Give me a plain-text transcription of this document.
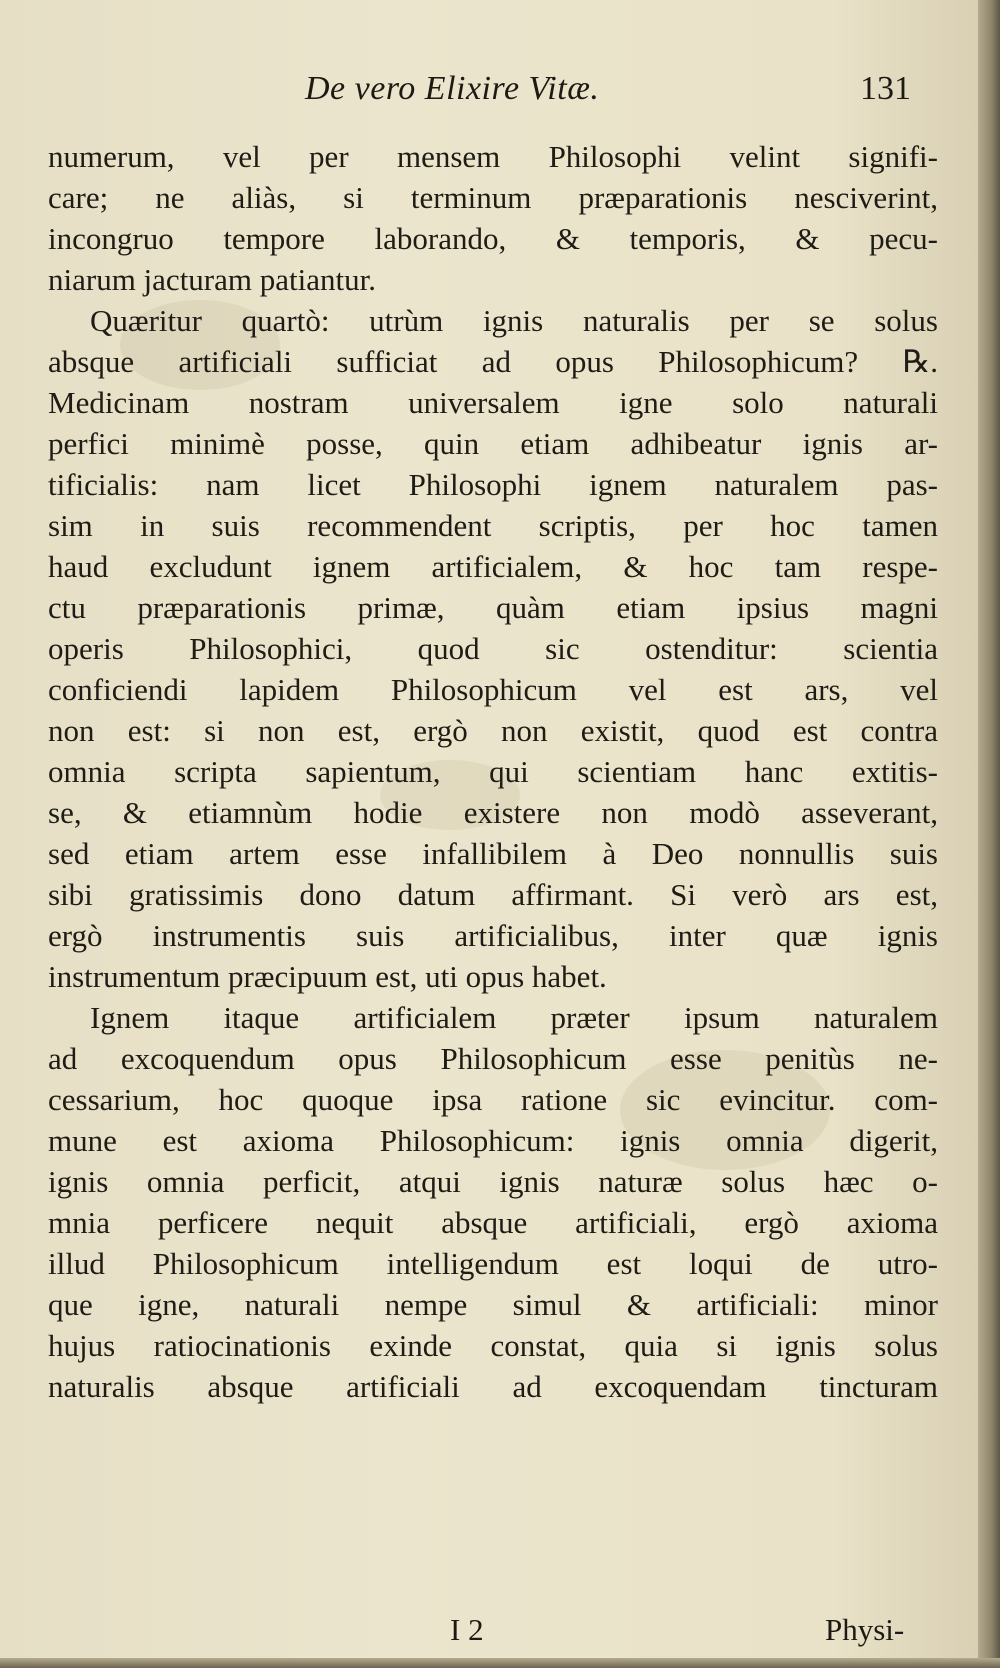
De vero Elixire Vitæ.	131
numerum, vel per mensem Philosophi velint signifi-
care; ne aliàs, si terminum præparationis nesciverint,
incongruo tempore laborando, & temporis, & pecu-
niarum jacturam patiantur.
Quæritur quartò: utrùm ignis naturalis per se solus
absque artificiali sufficiat ad opus Philosophicum? ℞.
Medicinam nostram universalem igne solo naturali
perfici minimè posse, quin etiam adhibeatur ignis ar-
tificialis: nam licet Philosophi ignem naturalem pas-
sim in suis recommendent scriptis, per hoc tamen
haud excludunt ignem artificialem, & hoc tam respe-
ctu præparationis primæ, quàm etiam ipsius magni
operis Philosophici, quod sic ostenditur: scientia
conficiendi lapidem Philosophicum vel est ars, vel
non est: si non est, ergò non existit, quod est contra
omnia scripta sapientum, qui scientiam hanc extitis-
se, & etiamnùm hodie existere non modò asseverant,
sed etiam artem esse infallibilem à Deo nonnullis suis
sibi gratissimis dono datum affirmant. Si verò ars est,
ergò instrumentis suis artificialibus, inter quæ ignis
instrumentum præcipuum est, uti opus habet.
Ignem itaque artificialem præter ipsum naturalem
ad excoquendum opus Philosophicum esse penitùs ne-
cessarium, hoc quoque ipsa ratione sic evincitur. com-
mune est axioma Philosophicum: ignis omnia digerit,
ignis omnia perficit, atqui ignis naturæ solus hæc o-
mnia perficere nequit absque artificiali, ergò axioma
illud Philosophicum intelligendum est loqui de utro-
que igne, naturali nempe simul & artificiali: minor
hujus ratiocinationis exinde constat, quia si ignis solus
naturalis absque artificiali ad excoquendam tincturam
I 2	Physi-
